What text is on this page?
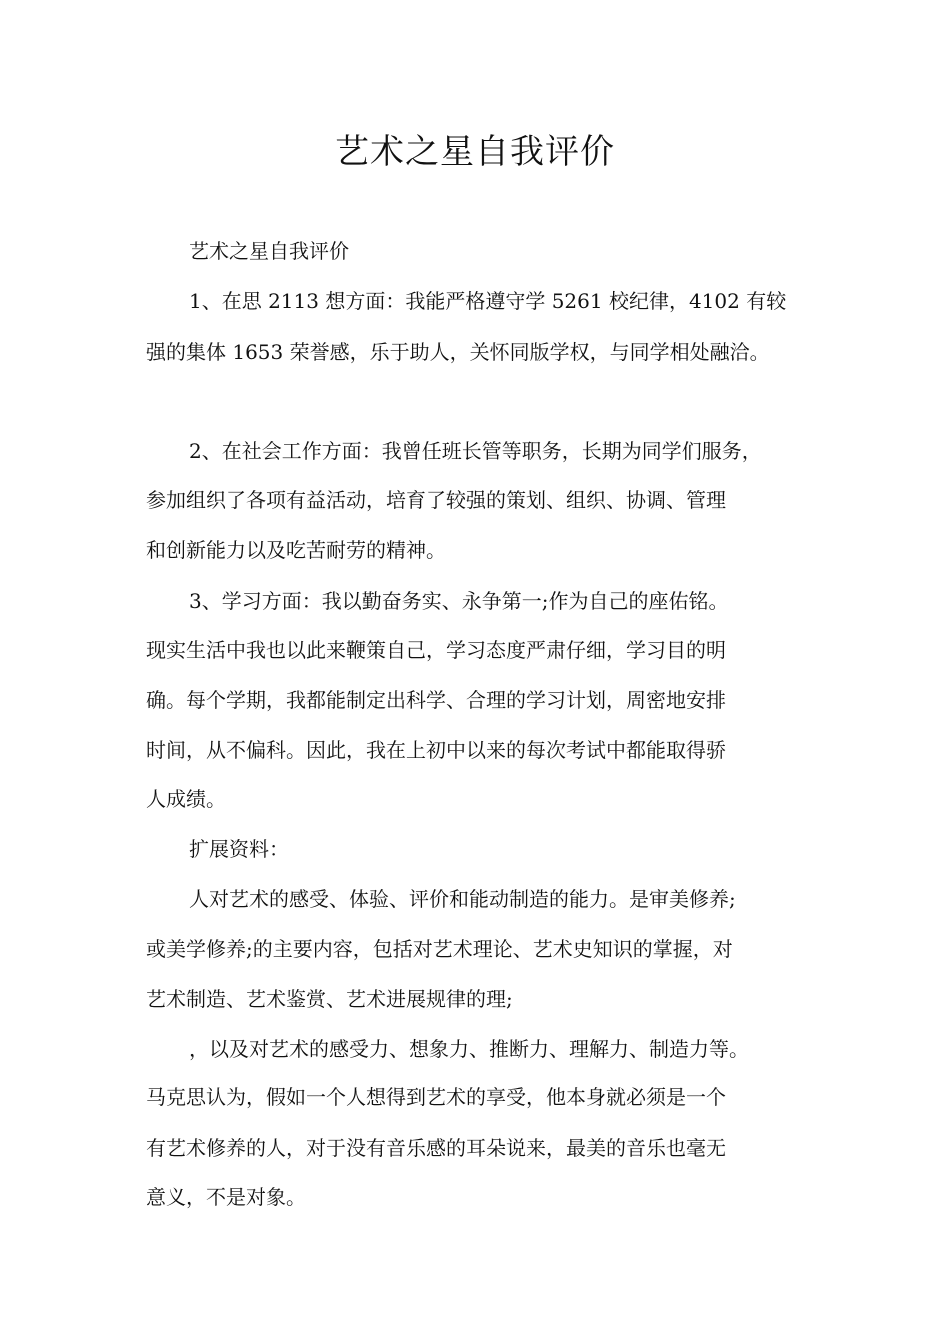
艺术之星自我评价

艺术之星自我评价

1、在思 2113 想方面：我能严格遵守学 5261 校纪律，4102 有较

强的集体 1653 荣誉感，乐于助人，关怀同版学权，与同学相处融洽。

2、在社会工作方面：我曾任班长管等职务，长期为同学们服务，

参加组织了各项有益活动，培育了较强的策划、组织、协调、管理

和创新能力以及吃苦耐劳的精神。

3、学习方面：我以勤奋务实、永争第一;作为自己的座佑铭。

现实生活中我也以此来鞭策自己，学习态度严肃仔细，学习目的明

确。每个学期，我都能制定出科学、合理的学习计划，周密地安排

时间，从不偏科。因此，我在上初中以来的每次考试中都能取得骄

人成绩。

扩展资料：

人对艺术的感受、体验、评价和能动制造的能力。是审美修养;

或美学修养;的主要内容，包括对艺术理论、艺术史知识的掌握，对

艺术制造、艺术鉴赏、艺术进展规律的理;

，以及对艺术的感受力、想象力、推断力、理解力、制造力等。

马克思认为，假如一个人想得到艺术的享受，他本身就必须是一个

有艺术修养的人，对于没有音乐感的耳朵说来，最美的音乐也毫无

意义，不是对象。
